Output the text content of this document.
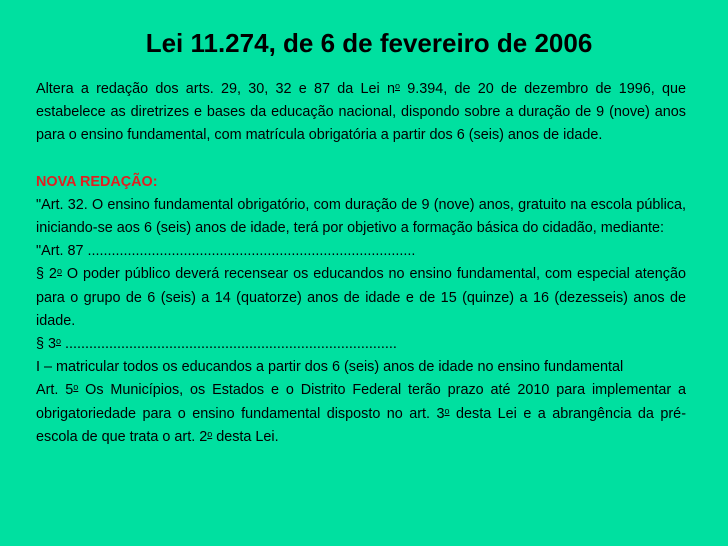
Lei 11.274, de 6 de fevereiro de 2006

Altera a redação dos arts. 29, 30, 32 e 87 da Lei $n^o$ 9.394, de 20 de dezembro de 1996, que estabelece as diretrizes e bases da educação nacional, dispondo sobre a duração de 9 (nove) anos para o ensino fundamental, com matrícula obrigatória a partir dos 6 (seis) anos de idade.

NOVA REDAÇÃO:

"Art. 32. O ensino fundamental obrigatório, com duração de 9 (nove) anos, gratuito na escola pública, iniciando-se aos 6 (seis) anos de idade, terá por objetivo a formação básica do cidadão, mediante:

"Art. 87 ..................................................................................

§ 2$^o$ O poder público deverá recensear os educandos no ensino fundamental, com especial atenção para o grupo de 6 (seis) a 14 (quatorze) anos de idade e de 15 (quinze) a 16 (dezesseis) anos de idade.

§ 3$^o$ ...................................................................................

I – matricular todos os educandos a partir dos 6 (seis) anos de idade no ensino fundamental

Art. 5$^o$ Os Municípios, os Estados e o Distrito Federal terão prazo até 2010 para implementar a obrigatoriedade para o ensino fundamental disposto no art. 3$^o$ desta Lei e a abrangência da pré-escola de que trata o art. 2$^o$ desta Lei.
